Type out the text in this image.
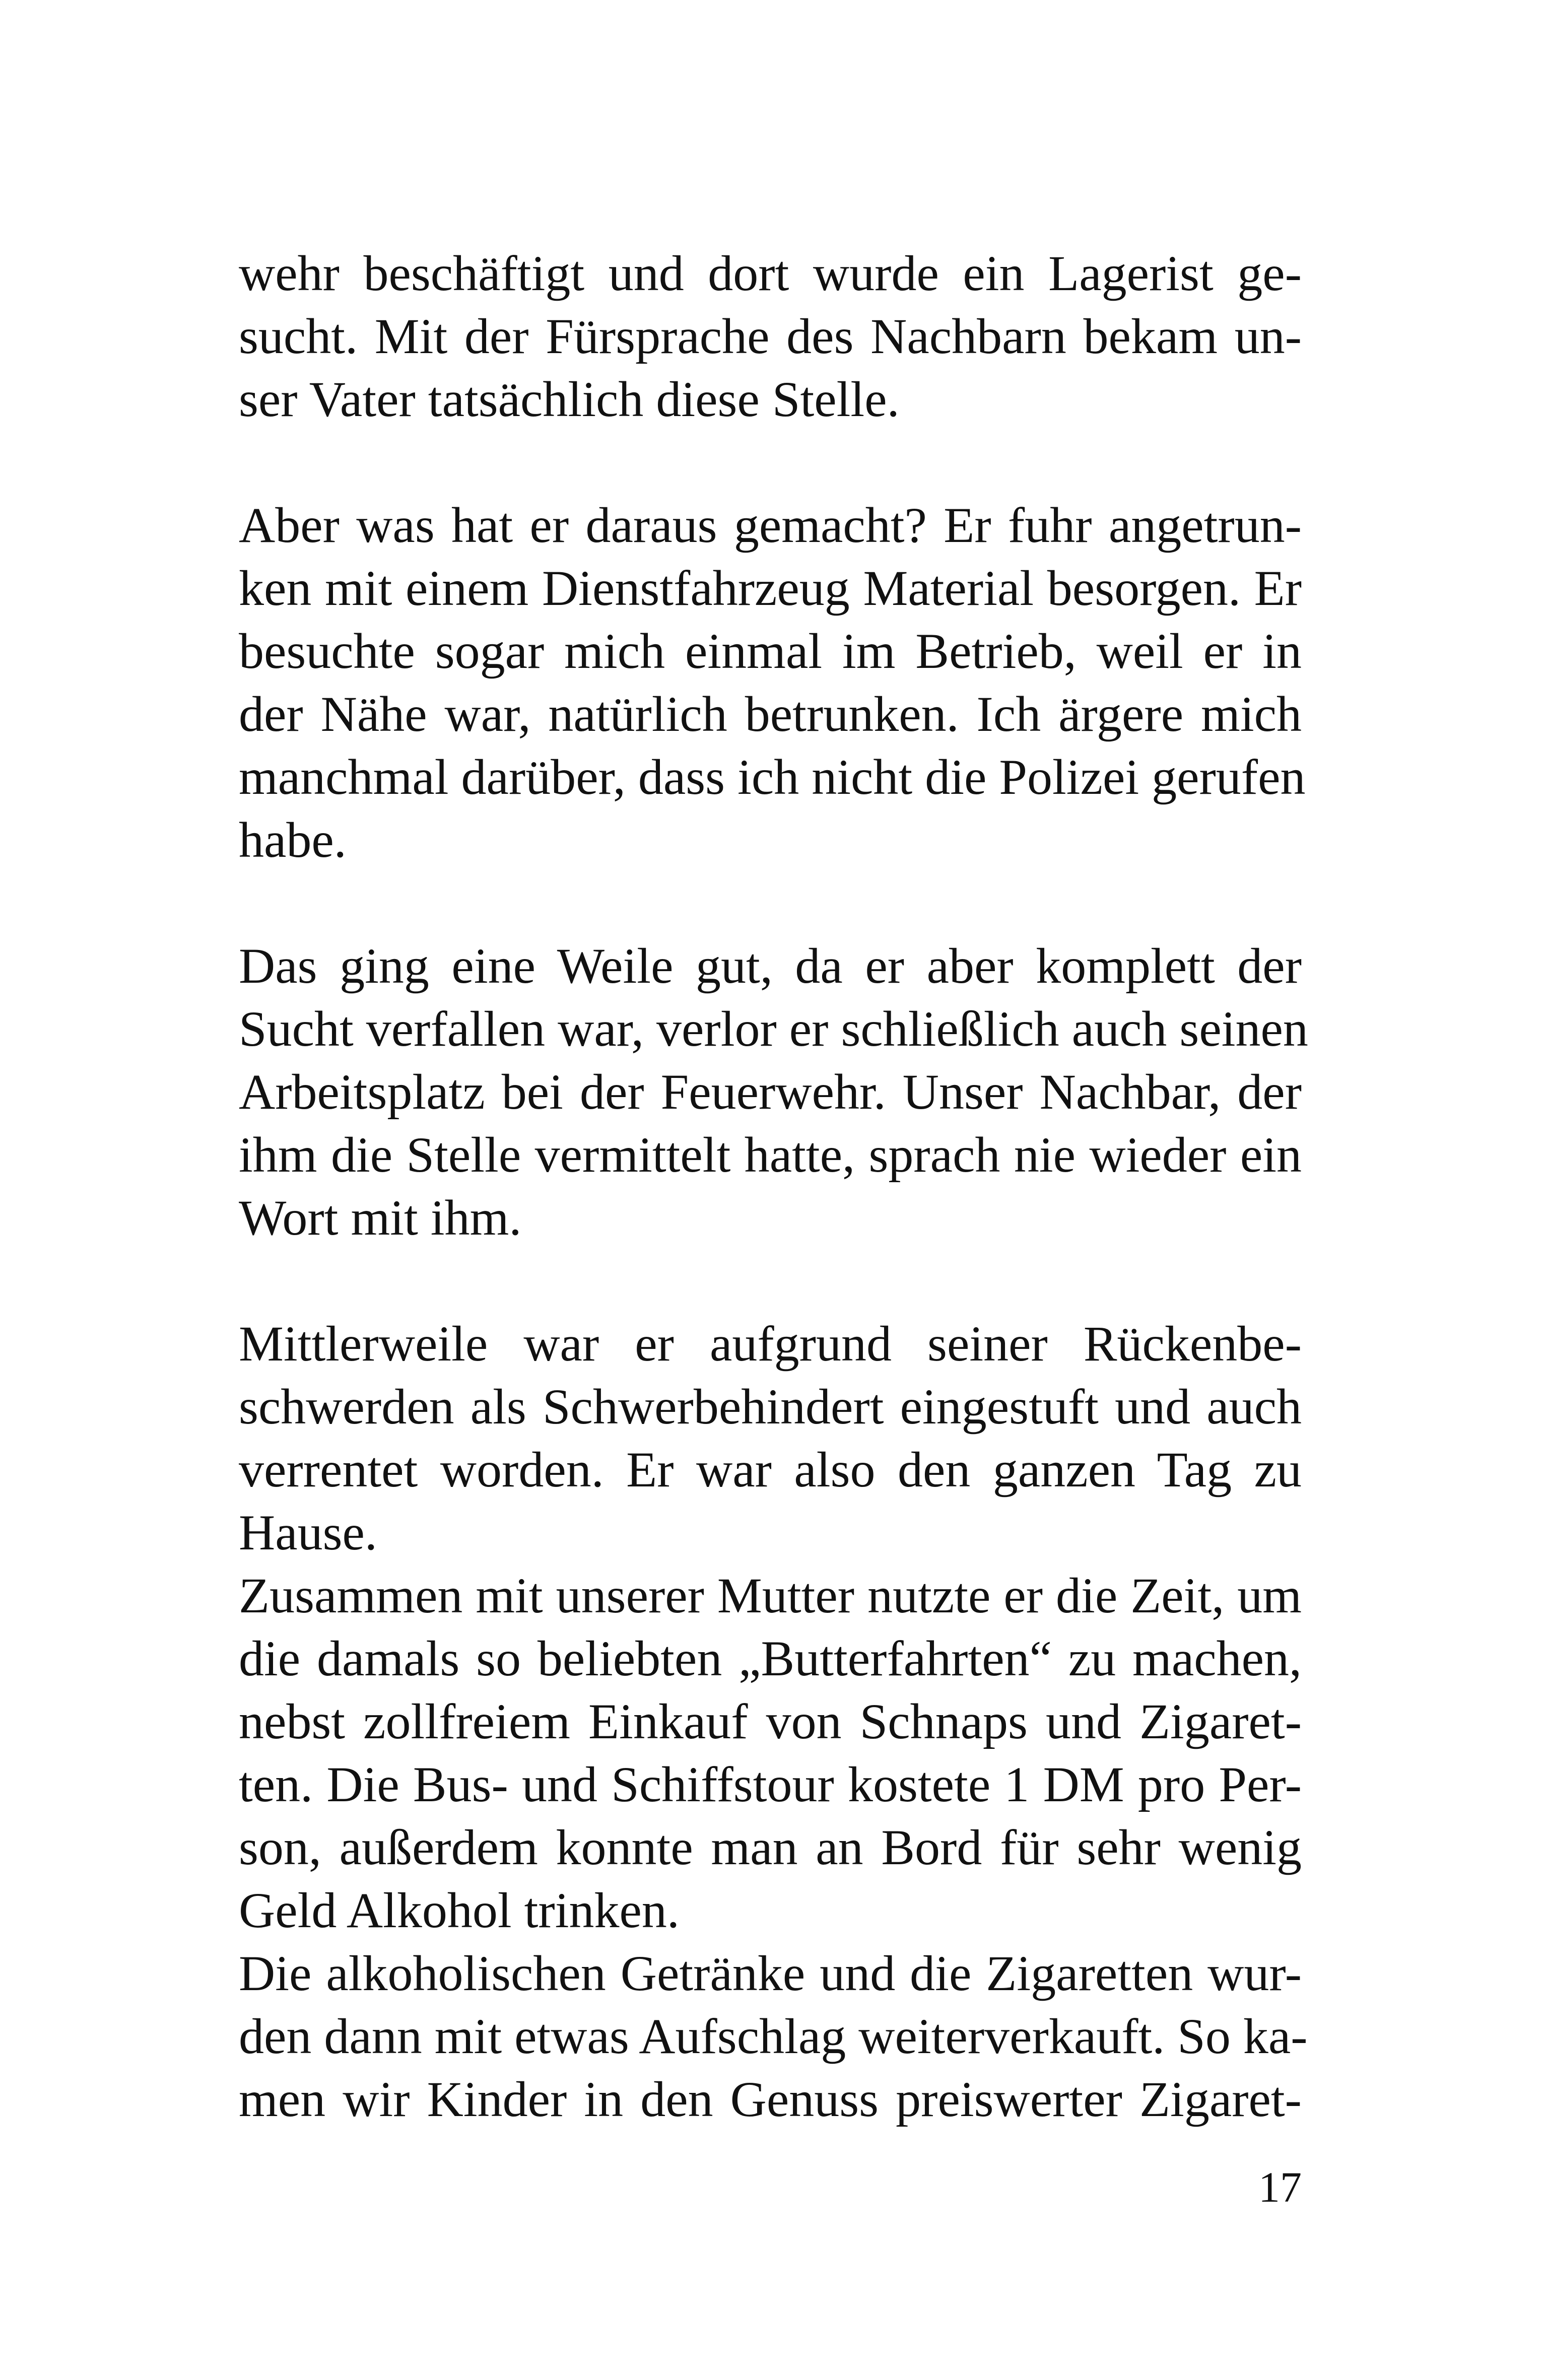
wehr beschäftigt und dort wurde ein Lagerist ge-
sucht. Mit der Fürsprache des Nachbarn bekam un-
ser Vater tatsächlich diese Stelle.
Aber was hat er daraus gemacht? Er fuhr angetrun-
ken mit einem Dienstfahrzeug Material besorgen. Er
besuchte sogar mich einmal im Betrieb, weil er in
der Nähe war, natürlich betrunken. Ich ärgere mich
manchmal darüber, dass ich nicht die Polizei gerufen
habe.
Das ging eine Weile gut, da er aber komplett der
Sucht verfallen war, verlor er schließlich auch seinen
Arbeitsplatz bei der Feuerwehr. Unser Nachbar, der
ihm die Stelle vermittelt hatte, sprach nie wieder ein
Wort mit ihm.
Mittlerweile war er aufgrund seiner Rückenbe-
schwerden als Schwerbehindert eingestuft und auch
verrentet worden. Er war also den ganzen Tag zu
Hause.
Zusammen mit unserer Mutter nutzte er die Zeit, um
die damals so beliebten „Butterfahrten“ zu machen,
nebst zollfreiem Einkauf von Schnaps und Zigaret-
ten. Die Bus- und Schiffstour kostete 1 DM pro Per-
son, außerdem konnte man an Bord für sehr wenig
Geld Alkohol trinken.
Die alkoholischen Getränke und die Zigaretten wur-
den dann mit etwas Aufschlag weiterverkauft. So ka-
men wir Kinder in den Genuss preiswerter Zigaret-
17
